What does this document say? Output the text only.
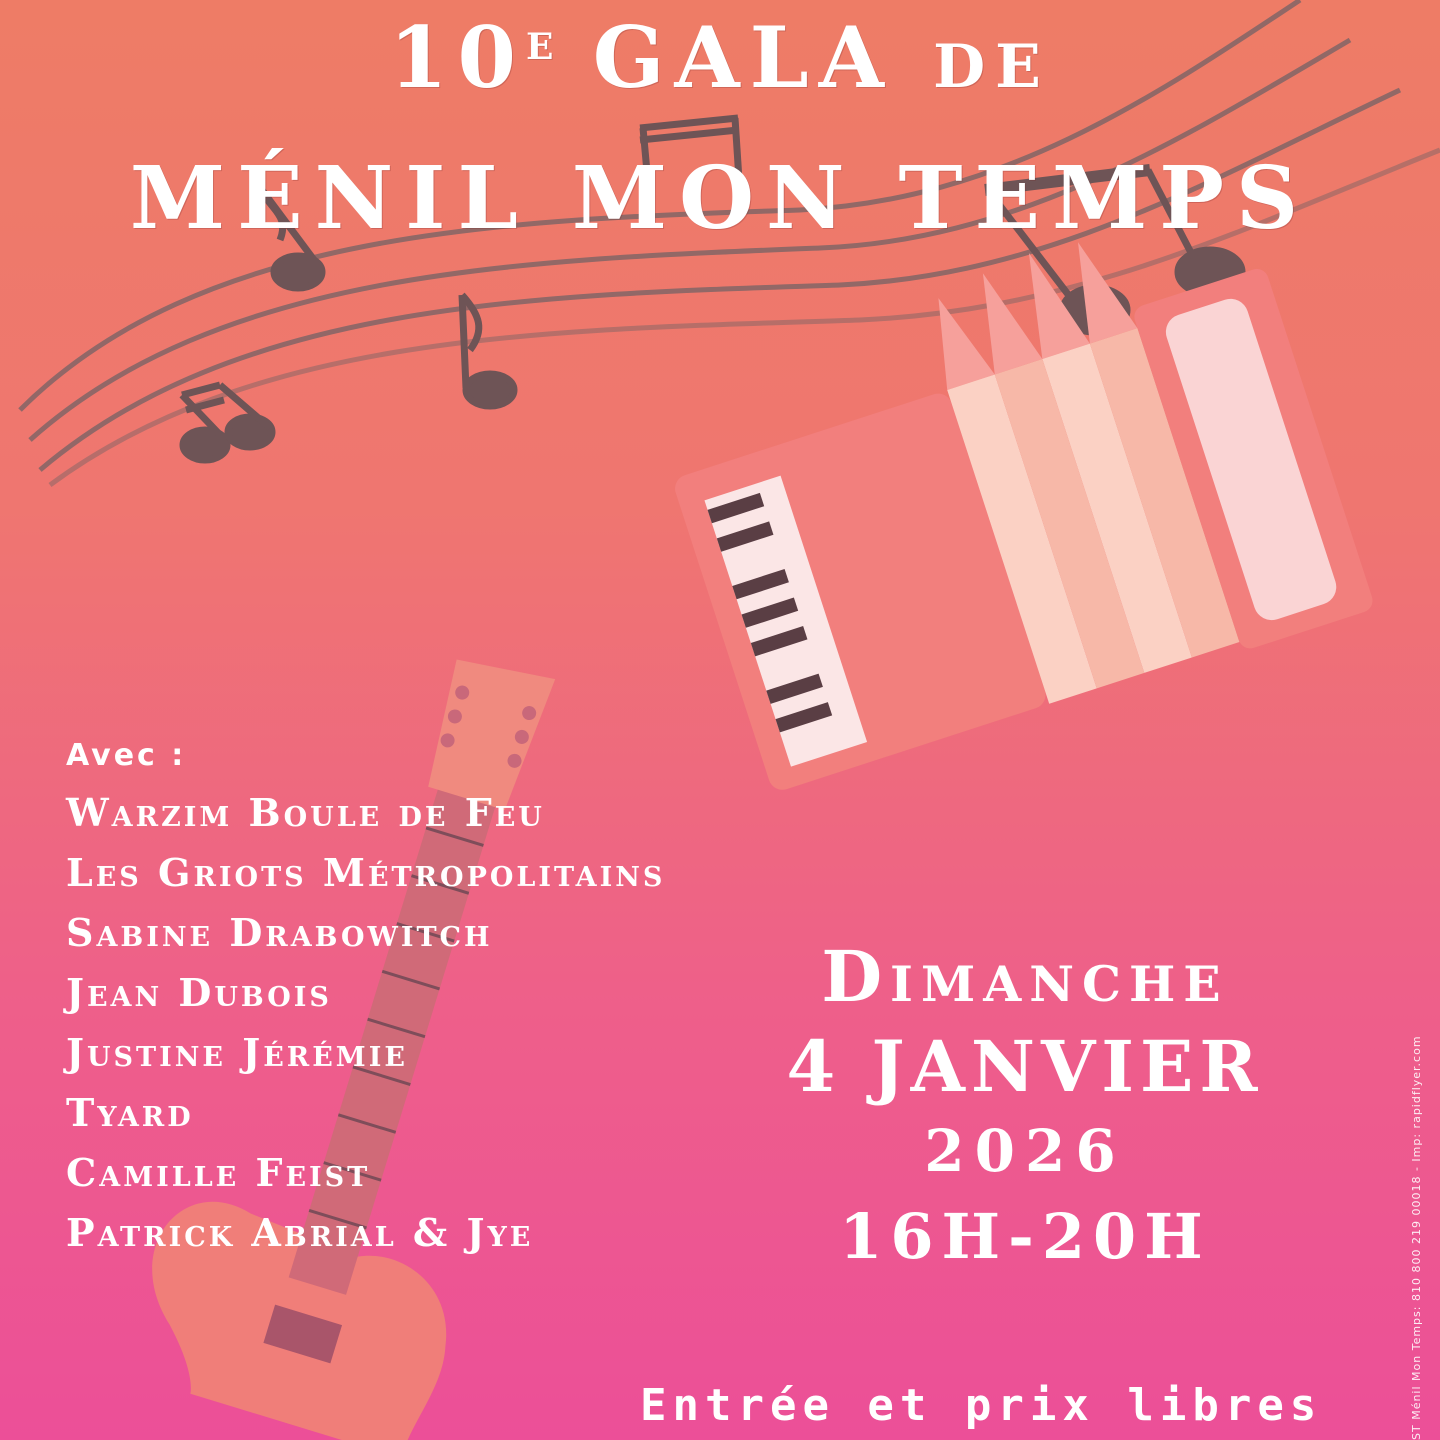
$10^E$ GALA DE
MÉNIL MON TEMPS
Avec :
Warzim Boule de Feu
Les Griots Métropolitains
Sabine Drabowitch
Jean Dubois
Justine Jérémie
Tyard
Camille Feist
Patrick Abrial & Jye
Dimanche
4 JANVIER
2026
16H-20H
Entrée et prix libres	ST Ménil Mon Temps: 810 800 219 00018 - Imp: rapidflyer.com
